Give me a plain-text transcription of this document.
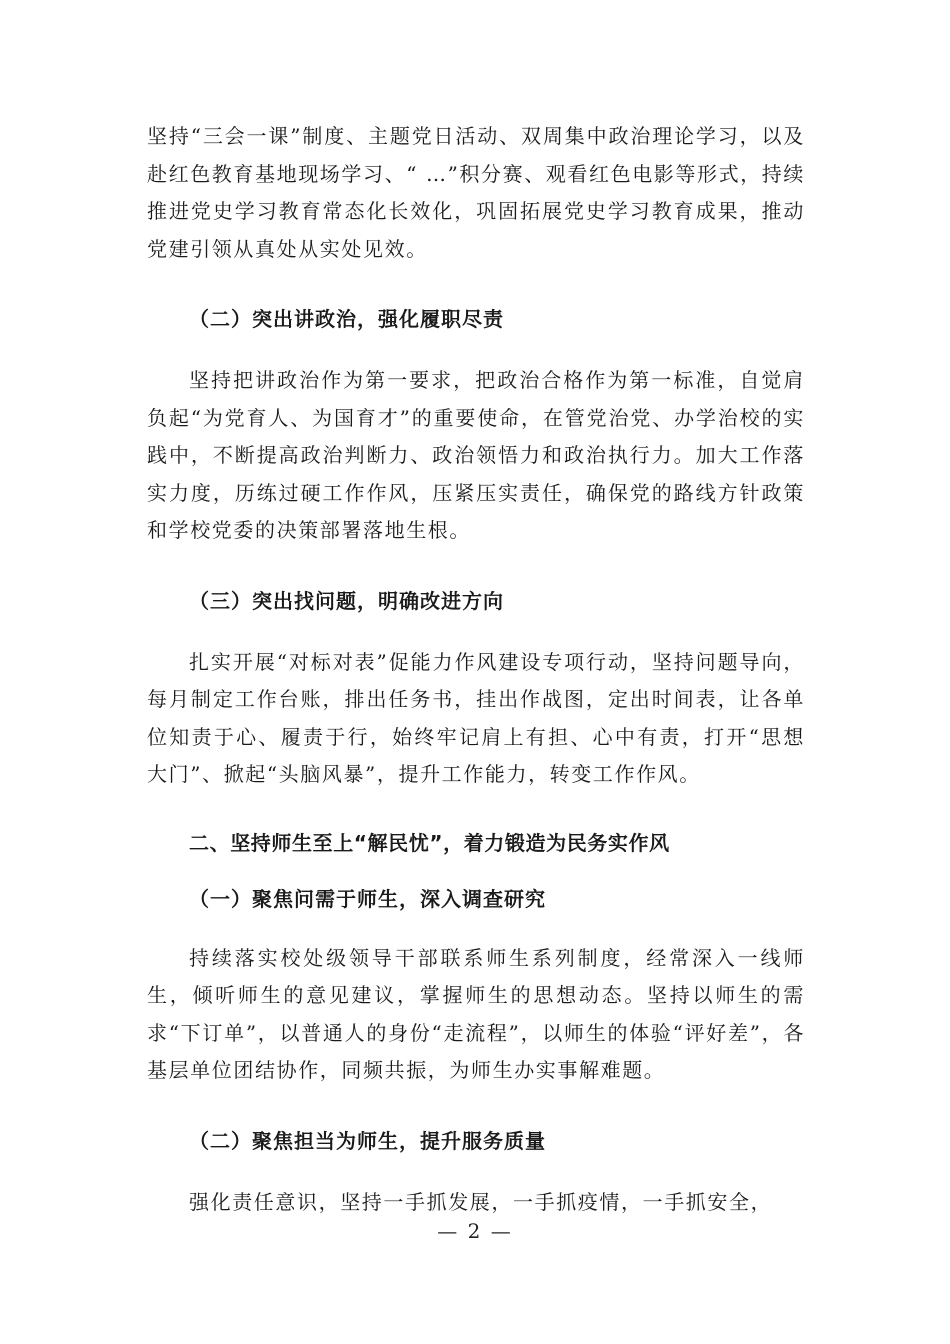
坚持“三会一课”制度、主题党日活动、双周集中政治理论学习，以及赴红色教育基地现场学习、“ …”积分赛、观看红色电影等形式，持续推进党史学习教育常态化长效化，巩固拓展党史学习教育成果，推动党建引领从真处从实处见效。

（二）突出讲政治，强化履职尽责

坚持把讲政治作为第一要求，把政治合格作为第一标准，自觉肩负起“为党育人、为国育才”的重要使命，在管党治党、办学治校的实践中，不断提高政治判断力、政治领悟力和政治执行力。加大工作落实力度，历练过硬工作作风，压紧压实责任，确保党的路线方针政策和学校党委的决策部署落地生根。

（三）突出找问题，明确改进方向

扎实开展“对标对表”促能力作风建设专项行动，坚持问题导向，每月制定工作台账，排出任务书，挂出作战图，定出时间表，让各单位知责于心、履责于行，始终牢记肩上有担、心中有责，打开“思想大门”、掀起“头脑风暴”，提升工作能力，转变工作作风。

二、坚持师生至上“解民忧”，着力锻造为民务实作风

（一）聚焦问需于师生，深入调查研究

持续落实校处级领导干部联系师生系列制度，经常深入一线师生，倾听师生的意见建议，掌握师生的思想动态。坚持以师生的需求“下订单”，以普通人的身份“走流程”，以师生的体验“评好差”，各基层单位团结协作，同频共振，为师生办实事解难题。

（二）聚焦担当为师生，提升服务质量

强化责任意识，坚持一手抓发展，一手抓疫情，一手抓安全，

— 2 —
